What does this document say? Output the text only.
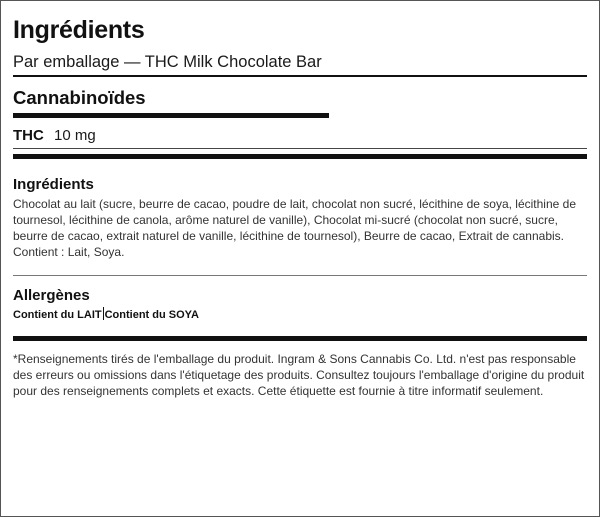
Ingrédients
Par emballage — THC Milk Chocolate Bar
Cannabinoïdes
THC 10 mg
Ingrédients

Chocolat au lait (sucre, beurre de cacao, poudre de lait, chocolat non sucré, lécithine de soya, lécithine de tournesol, lécithine de canola, arôme naturel de vanille), Chocolat mi-sucré (chocolat non sucré, sucre, beurre de cacao, extrait naturel de vanille, lécithine de tournesol), Beurre de cacao, Extrait de cannabis. Contient : Lait, Soya.

Allergènes
Contient du LAIT Contient du SOYA

*Renseignements tirés de l'emballage du produit. Ingram & Sons Cannabis Co. Ltd. n'est pas responsable des erreurs ou omissions dans l'étiquetage des produits. Consultez toujours l'emballage d'origine du produit pour des renseignements complets et exacts. Cette étiquette est fournie à titre informatif seulement.
